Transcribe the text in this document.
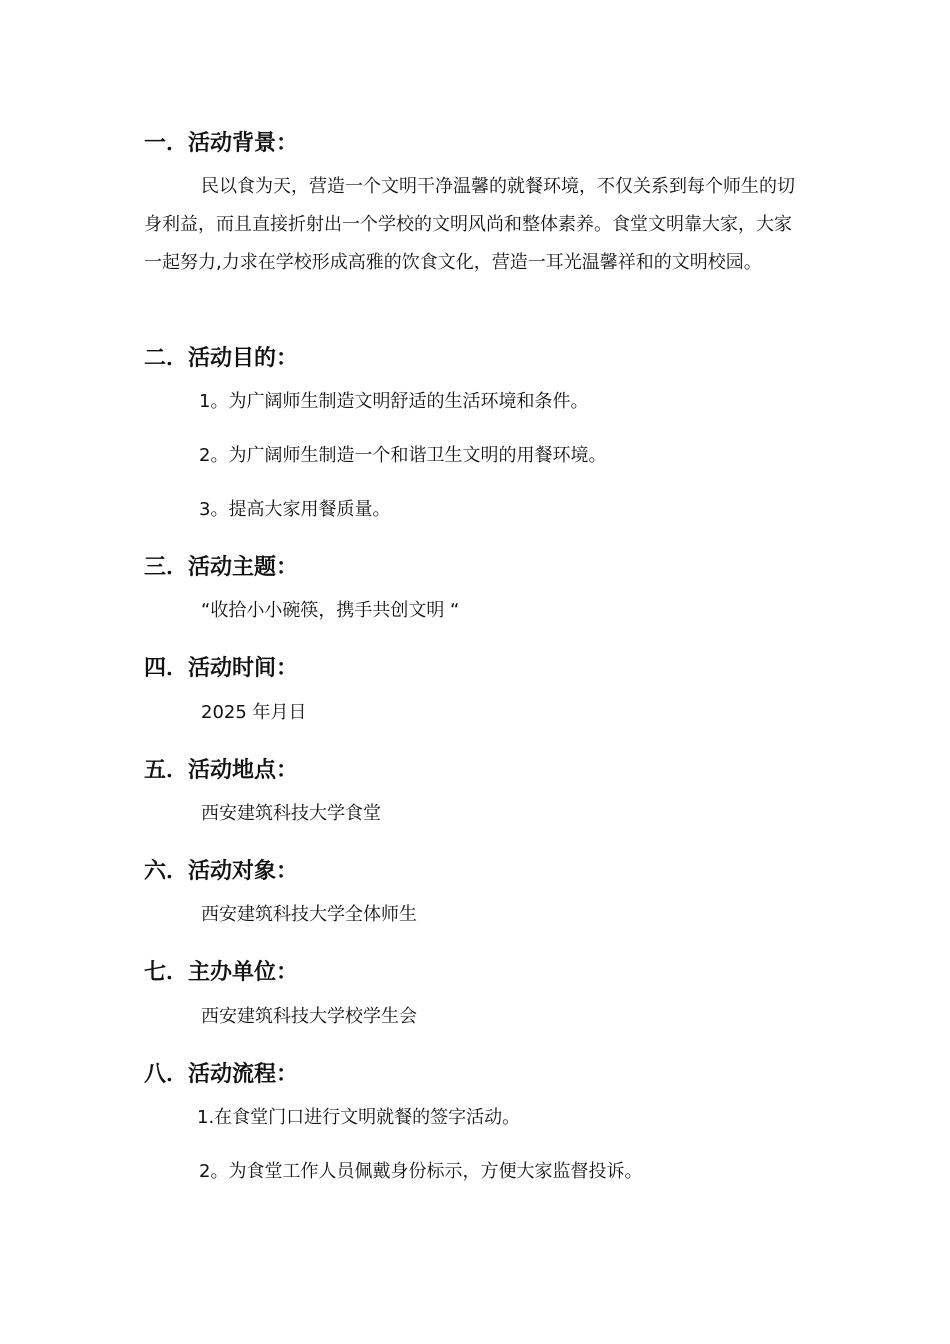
一．活动背景：
民以食为天，营造一个文明干净温馨的就餐环境，不仅关系到每个师生的切身利益，而且直接折射出一个学校的文明风尚和整体素养。食堂文明靠大家，大家一起努力,力求在学校形成高雅的饮食文化，营造一耳光温馨祥和的文明校园。
二．活动目的：
1。为广阔师生制造文明舒适的生活环境和条件。
2。为广阔师生制造一个和谐卫生文明的用餐环境。
3。提高大家用餐质量。
三．活动主题：
“收拾小小碗筷，携手共创文明 “
四．活动时间：
2025 年月日
五．活动地点：
西安建筑科技大学食堂
六．活动对象：
西安建筑科技大学全体师生
七．主办单位：
西安建筑科技大学校学生会
八．活动流程：
1.在食堂门口进行文明就餐的签字活动。
2。为食堂工作人员佩戴身份标示，方便大家监督投诉。
